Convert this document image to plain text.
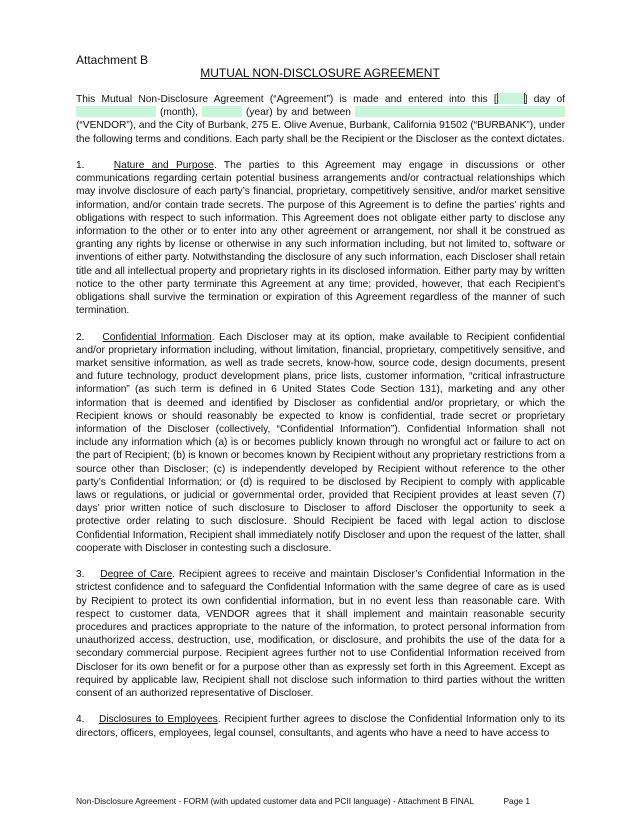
Attachment B
MUTUAL NON-DISCLOSURE AGREEMENT

This Mutual Non-Disclosure Agreement (“Agreement”) is made and entered into this [	] day of  (month),	(year) by and between  (“VENDOR”), and the City of Burbank, 275 E. Olive Avenue, Burbank, California 91502 (“BURBANK”), under the following terms and conditions. Each party shall be the Recipient or the Discloser as the context dictates.

1.	Nature and Purpose. The parties to this Agreement may engage in discussions or other communications regarding certain potential business arrangements and/or contractual relationships which may involve disclosure of each party’s financial, proprietary, competitively sensitive, and/or market sensitive information, and/or contain trade secrets. The purpose of this Agreement is to define the parties’ rights and obligations with respect to such information. This Agreement does not obligate either party to disclose any information to the other or to enter into any other agreement or arrangement, nor shall it be construed as granting any rights by license or otherwise in any such information including, but not limited to, software or inventions of either party. Notwithstanding the disclosure of any such information, each Discloser shall retain title and all intellectual property and proprietary rights in its disclosed information. Either party may by written notice to the other party terminate this Agreement at any time; provided, however, that each Recipient’s obligations shall survive the termination or expiration of this Agreement regardless of the manner of such termination.

2. Confidential Information. Each Discloser may at its option, make available to Recipient confidential and/or proprietary information including, without limitation, financial, proprietary, competitively sensitive, and market sensitive information, as well as trade secrets, know-how, source code, design documents, present and future technology, product development plans, price lists, customer information, “critical infrastructure information” (as such term is defined in 6 United States Code Section 131), marketing and any other information that is deemed and identified by Discloser as confidential and/or proprietary, or which the Recipient knows or should reasonably be expected to know is confidential, trade secret or proprietary information of the Discloser (collectively, “Confidential Information”). Confidential Information shall not include any information which (a) is or becomes publicly known through no wrongful act or failure to act on the part of Recipient; (b) is known or becomes known by Recipient without any proprietary restrictions from a source other than Discloser; (c) is independently developed by Recipient without reference to the other party’s Confidential Information; or (d) is required to be disclosed by Recipient to comply with applicable laws or regulations, or judicial or governmental order, provided that Recipient provides at least seven (7) days’ prior written notice of such disclosure to Discloser to afford Discloser the opportunity to seek a protective order relating to such disclosure. Should Recipient be faced with legal action to disclose Confidential Information, Recipient shall immediately notify Discloser and upon the request of the latter, shall cooperate with Discloser in contesting such a disclosure.

3. Degree of Care. Recipient agrees to receive and maintain Discloser’s Confidential Information in the strictest confidence and to safeguard the Confidential Information with the same degree of care as is used by Recipient to protect its own confidential information, but in no event less than reasonable care. With respect to customer data, VENDOR agrees that it shall implement and maintain reasonable security procedures and practices appropriate to the nature of the information, to protect personal information from unauthorized access, destruction, use, modification, or disclosure, and prohibits the use of the data for a secondary commercial purpose. Recipient agrees further not to use Confidential Information received from Discloser for its own benefit or for a purpose other than as expressly set forth in this Agreement. Except as required by applicable law, Recipient shall not disclose such information to third parties without the written consent of an authorized representative of Discloser.

4. Disclosures to Employees. Recipient further agrees to disclose the Confidential Information only to its directors, officers, employees, legal counsel, consultants, and agents who have a need to have access to

Non-Disclosure Agreement - FORM (with updated customer data and PCII language) - Attachment B FINAL	Page 1
